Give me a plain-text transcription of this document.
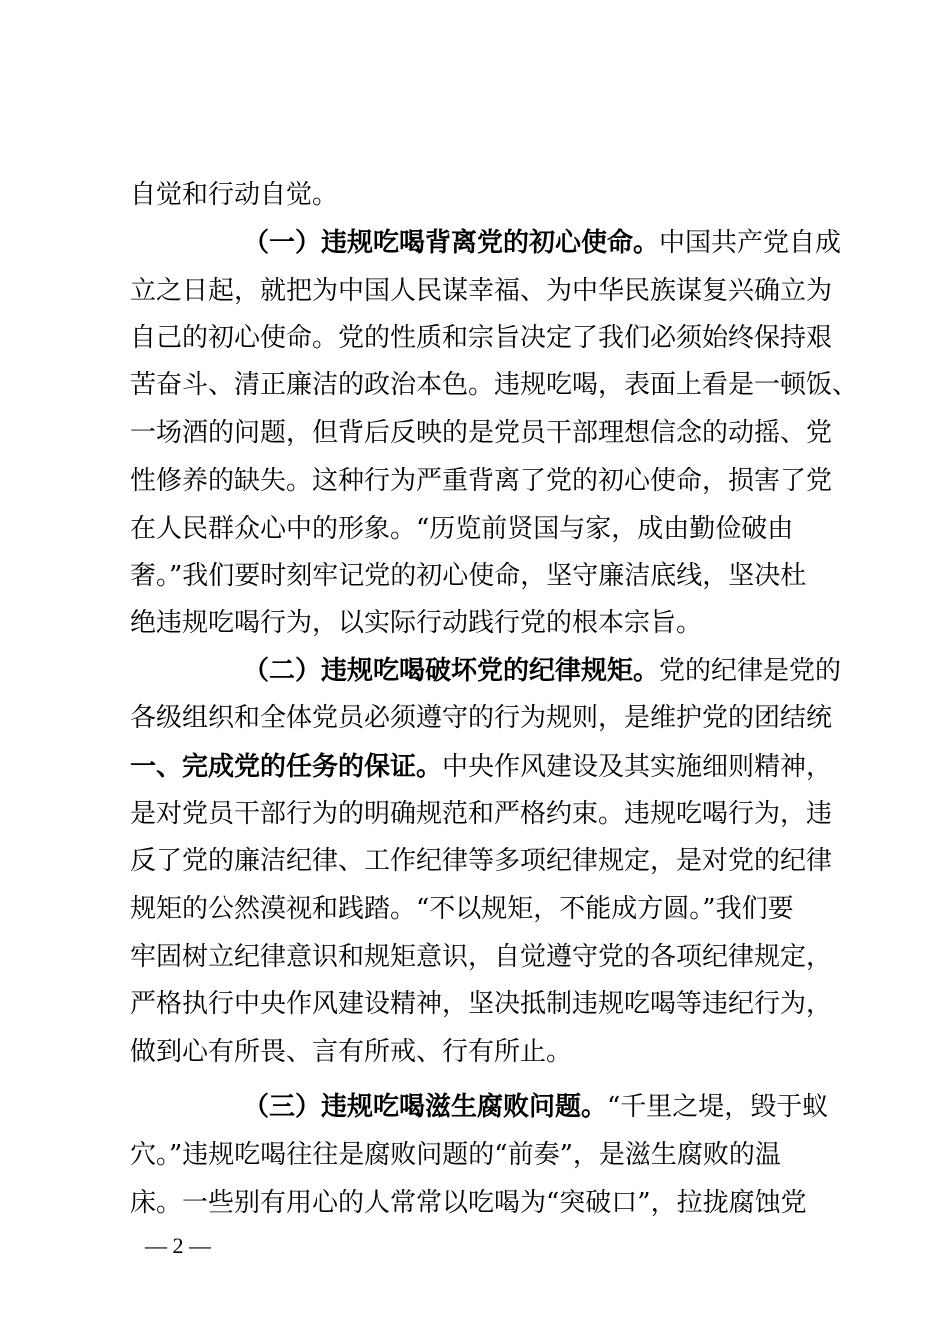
自觉和行动自觉。
（一）违规吃喝背离党的初心使命。中国共产党自成
立之日起，就把为中国人民谋幸福、为中华民族谋复兴确立为
自己的初心使命。党的性质和宗旨决定了我们必须始终保持艰
苦奋斗、清正廉洁的政治本色。违规吃喝，表面上看是一顿饭、
一场酒的问题，但背后反映的是党员干部理想信念的动摇、党
性修养的缺失。这种行为严重背离了党的初心使命，损害了党
在人民群众心中的形象。“历览前贤国与家，成由勤俭破由
奢。”我们要时刻牢记党的初心使命，坚守廉洁底线，坚决杜
绝违规吃喝行为，以实际行动践行党的根本宗旨。
（二）违规吃喝破坏党的纪律规矩。党的纪律是党的
各级组织和全体党员必须遵守的行为规则，是维护党的团结统
一、完成党的任务的保证。中央作风建设及其实施细则精神，
是对党员干部行为的明确规范和严格约束。违规吃喝行为，违
反了党的廉洁纪律、工作纪律等多项纪律规定，是对党的纪律
规矩的公然漠视和践踏。“不以规矩，不能成方圆。”我们要
牢固树立纪律意识和规矩意识，自觉遵守党的各项纪律规定，
严格执行中央作风建设精神，坚决抵制违规吃喝等违纪行为，
做到心有所畏、言有所戒、行有所止。
（三）违规吃喝滋生腐败问题。“千里之堤，毁于蚁
穴。”违规吃喝往往是腐败问题的“前奏”，是滋生腐败的温
床。一些别有用心的人常常以吃喝为“突破口”，拉拢腐蚀党
— 2 —
